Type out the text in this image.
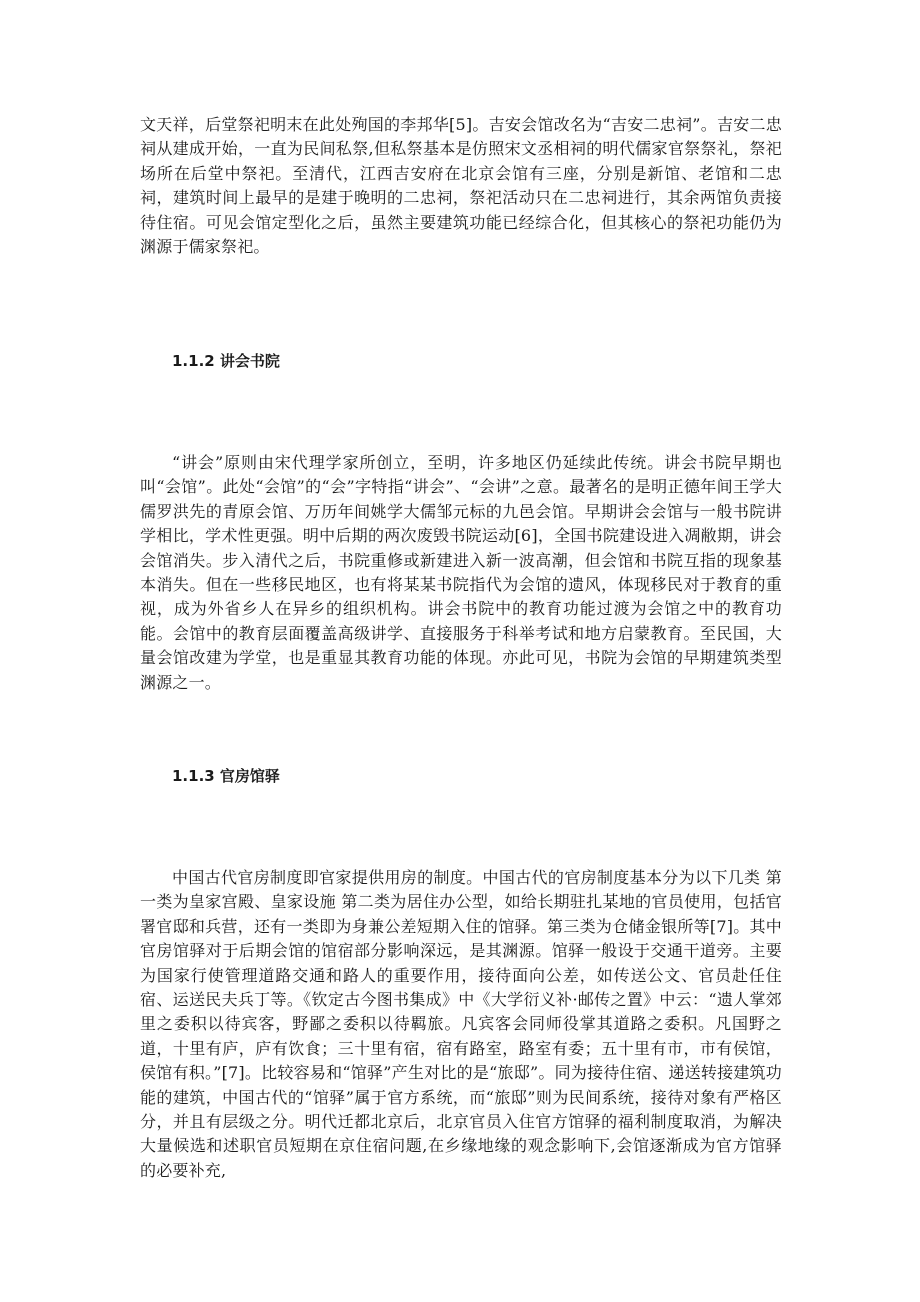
文天祥，后堂祭祀明末在此处殉国的李邦华[5]。吉安会馆改名为“吉安二忠祠”。吉安二忠祠从建成开始，一直为民间私祭,但私祭基本是仿照宋文丞相祠的明代儒家官祭祭礼，祭祀场所在后堂中祭祀。至清代，江西吉安府在北京会馆有三座，分别是新馆、老馆和二忠祠，建筑时间上最早的是建于晚明的二忠祠，祭祀活动只在二忠祠进行，其余两馆负责接待住宿。可见会馆定型化之后，虽然主要建筑功能已经综合化，但其核心的祭祀功能仍为渊源于儒家祭祀。

1.1.2 讲会书院

“讲会”原则由宋代理学家所创立，至明，许多地区仍延续此传统。讲会书院早期也叫“会馆”。此处“会馆”的“会”字特指“讲会”、“会讲”之意。最著名的是明正德年间王学大儒罗洪先的青原会馆、万历年间姚学大儒邹元标的九邑会馆。早期讲会会馆与一般书院讲学相比，学术性更强。明中后期的两次废毁书院运动[6]，全国书院建设进入凋敝期，讲会会馆消失。步入清代之后，书院重修或新建进入新一波高潮，但会馆和书院互指的现象基本消失。但在一些移民地区，也有将某某书院指代为会馆的遗风，体现移民对于教育的重视，成为外省乡人在异乡的组织机构。讲会书院中的教育功能过渡为会馆之中的教育功能。会馆中的教育层面覆盖高级讲学、直接服务于科举考试和地方启蒙教育。至民国，大量会馆改建为学堂，也是重显其教育功能的体现。亦此可见，书院为会馆的早期建筑类型渊源之一。

1.1.3 官房馆驿

中国古代官房制度即官家提供用房的制度。中国古代的官房制度基本分为以下几类 第一类为皇家宫殿、皇家设施 第二类为居住办公型，如给长期驻扎某地的官员使用，包括官署官邸和兵营，还有一类即为身兼公差短期入住的馆驿。第三类为仓储金银所等[7]。其中官房馆驿对于后期会馆的馆宿部分影响深远，是其渊源。馆驿一般设于交通干道旁。主要为国家行使管理道路交通和路人的重要作用，接待面向公差，如传送公文、官员赴任住宿、运送民夫兵丁等。《钦定古今图书集成》中《大学衍义补·邮传之置》中云：“遗人掌郊里之委积以待宾客，野鄙之委积以待羁旅。凡宾客会同师役掌其道路之委积。凡国野之道，十里有庐，庐有饮食；三十里有宿，宿有路室，路室有委；五十里有市，市有侯馆，侯馆有积。”[7]。比较容易和“馆驿”产生对比的是“旅邸”。同为接待住宿、递送转接建筑功能的建筑，中国古代的“馆驿”属于官方系统，而“旅邸”则为民间系统，接待对象有严格区分，并且有层级之分。明代迁都北京后，北京官员入住官方馆驿的福利制度取消，为解决大量候选和述职官员短期在京住宿问题,在乡缘地缘的观念影响下,会馆逐渐成为官方馆驿的必要补充,
